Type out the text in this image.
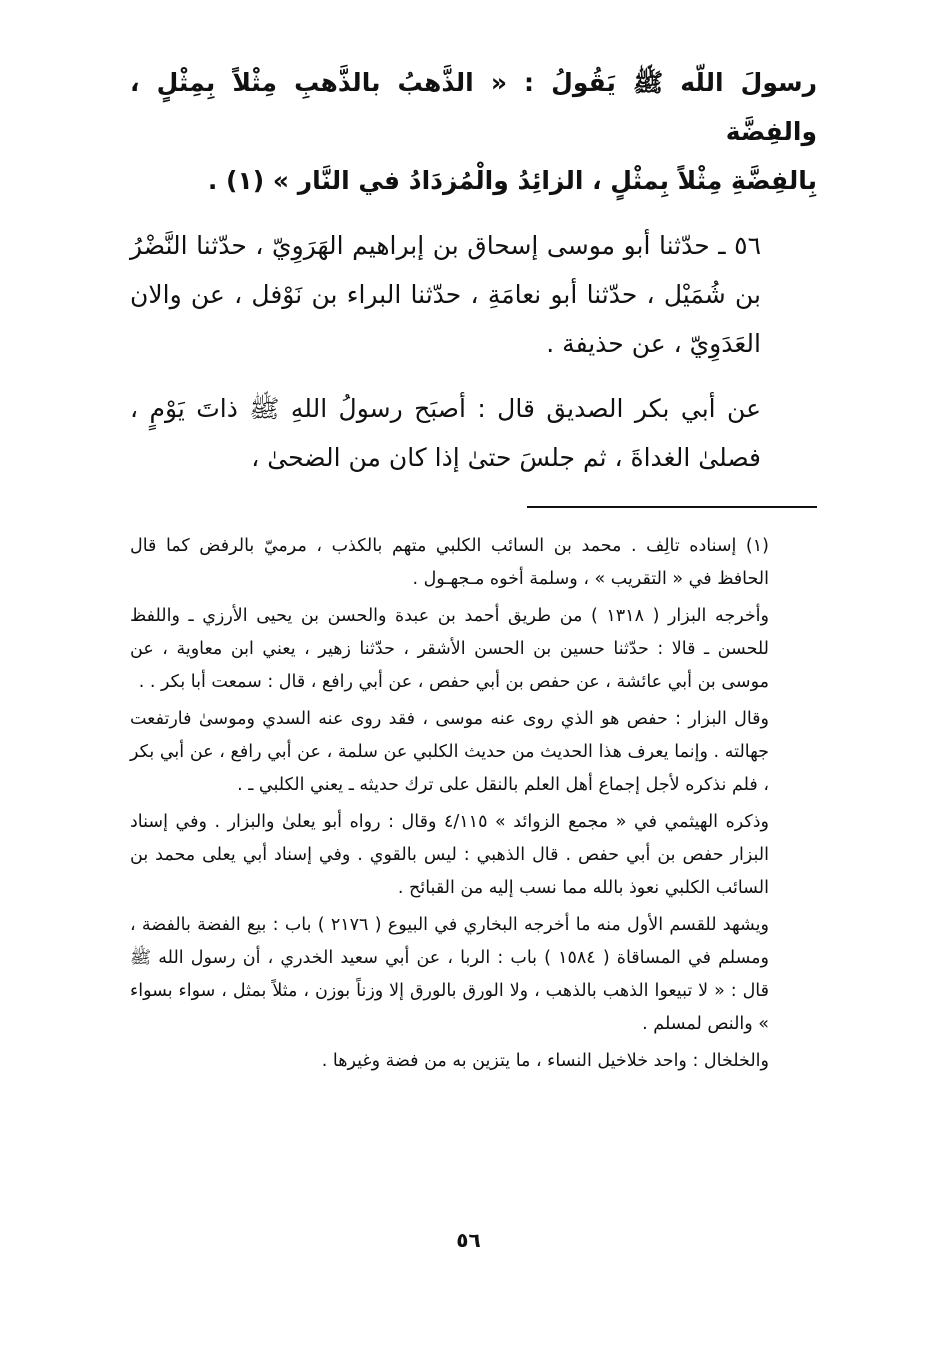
رسولَ اللّه ﷺ يَقُولُ : « الذَّهبُ بالذَّهبِ مِثْلاً بِمِثْلٍ ، والفِضَّة

بِالفِضَّةِ مِثْلاً بِمثْلٍ ، الزائِدُ والْمُزدَادُ في النَّار » (١) .

٥٦ ـ حدّثنا أبو موسى إسحاق بن إبراهيم الهَرَوِيّ ، حدّثنا النَّضْرُ بن شُمَيْل ، حدّثنا أبو نعامَةِ ، حدّثنا البراء بن نَوْفل ، عن والان العَدَوِيّ ، عن حذيفة .

عن أبي بكر الصديق قال : أصبَح رسولُ اللهِ ﷺ ذاتَ يَوْمٍ ، فصلىٰ الغداةَ ، ثم جلسَ حتىٰ إذا كان من الضحىٰ ،

(١) إسناده تالِف . محمد بن السائب الكلبي متهم بالكذب ، مرميّ بالرفض كما قال الحافظ في « التقريب » ، وسلمة أخوه مـجهـول .

وأخرجه البزار ( ١٣١٨ ) من طريق أحمد بن عبدة والحسن بن يحيى الأرزي ـ واللفظ للحسن ـ قالا : حدّثنا حسين بن الحسن الأشقر ، حدّثنا زهير ، يعني ابن معاوية ، عن موسى بن أبي عائشة ، عن حفص بن أبي حفص ، عن أبي رافع ، قال : سمعت أبا بكر . .

وقال البزار : حفص هو الذي روى عنه موسى ، فقد روى عنه السدي وموسىٰ فارتفعت جهالته . وإنما يعرف هذا الحديث من حديث الكلبي عن سلمة ، عن أبي رافع ، عن أبي بكر ، فلم نذكره لأجل إجماع أهل العلم بالنقل على ترك حديثه ـ يعني الكلبي ـ .

وذكره الهيثمي في « مجمع الزوائد » ٤/١١٥ وقال : رواه أبو يعلىٰ والبزار . وفي إسناد البزار حفص بن أبي حفص . قال الذهبي : ليس بالقوي . وفي إسناد أبي يعلى محمد بن السائب الكلبي نعوذ بالله مما نسب إليه من القبائح .

ويشهد للقسم الأول منه ما أخرجه البخاري في البيوع ( ٢١٧٦ ) باب : بيع الفضة بالفضة ، ومسلم في المساقاة ( ١٥٨٤ ) باب : الربا ، عن أبي سعيد الخدري ، أن رسول الله ﷺ قال : « لا تبيعوا الذهب بالذهب ، ولا الورق بالورق إلا وزناً بوزن ، مثلاً بمثل ، سواء بسواء » والنص لمسلم .

والخلخال : واحد خلاخيل النساء ، ما يتزين به من فضة وغيرها .

٥٦
